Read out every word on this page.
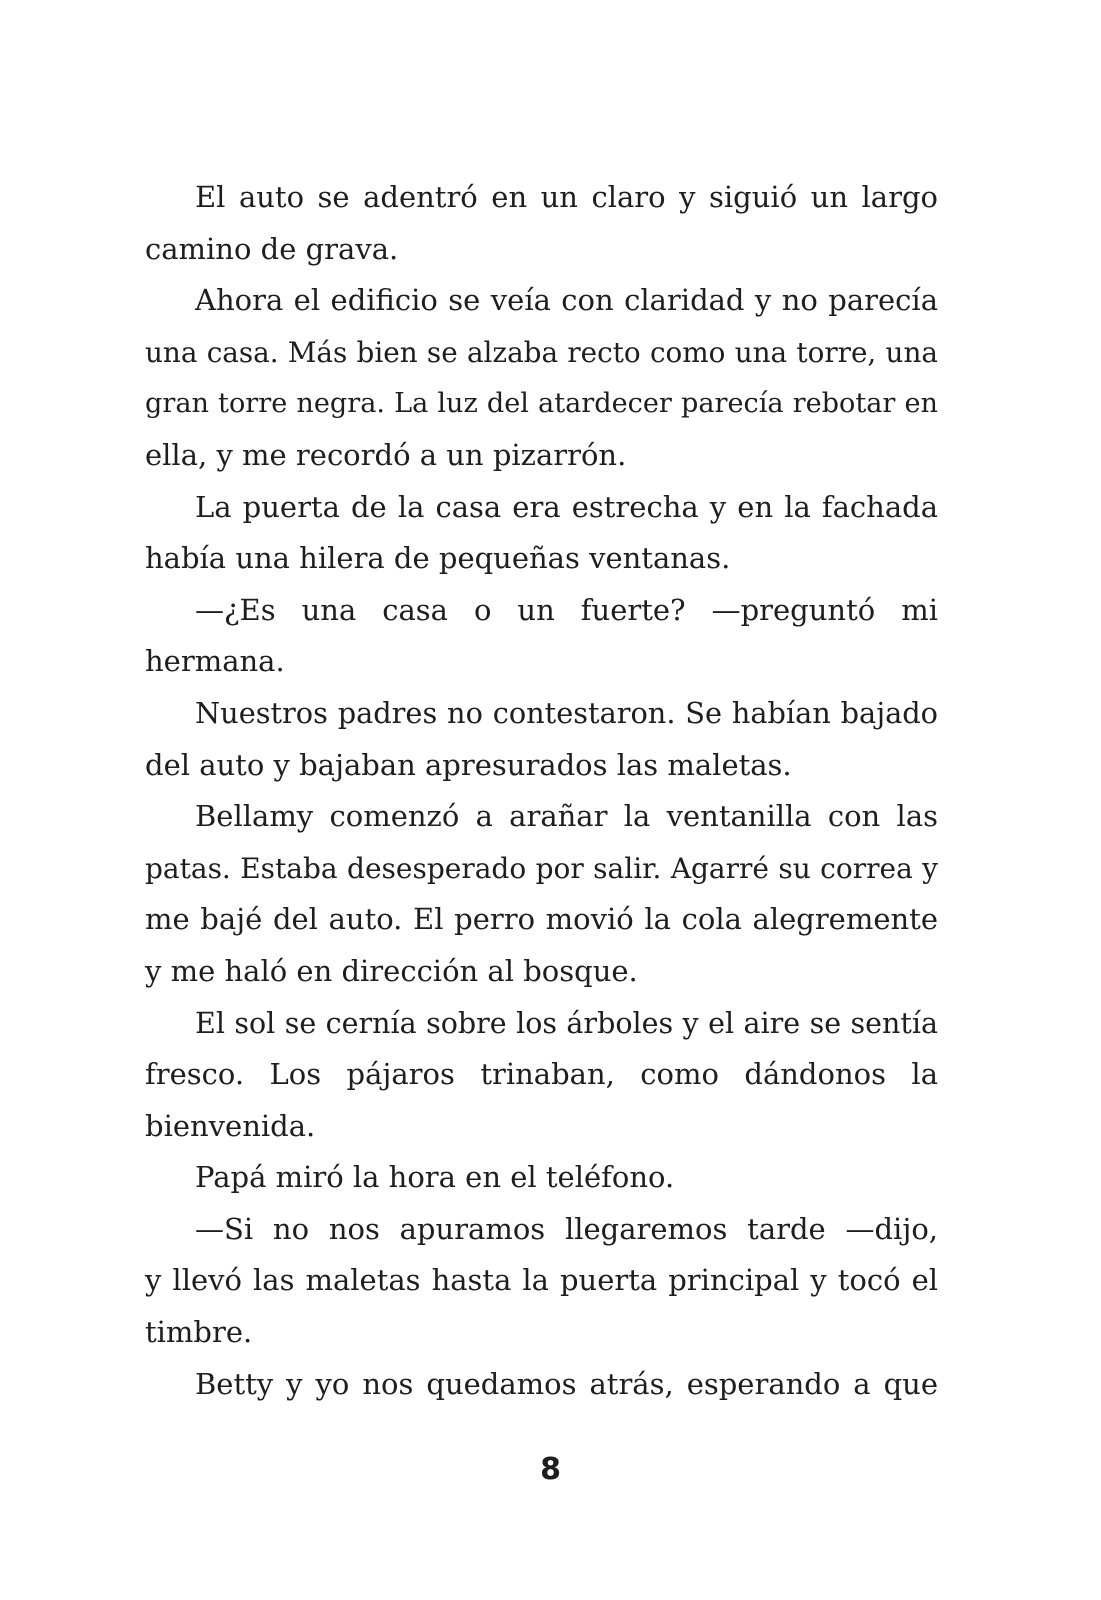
El auto se adentró en un claro y siguió un largo
camino de grava.
Ahora el edificio se veía con claridad y no parecía
una casa. Más bien se alzaba recto como una torre, una
gran torre negra. La luz del atardecer parecía rebotar en
ella, y me recordó a un pizarrón.
La puerta de la casa era estrecha y en la fachada
había una hilera de pequeñas ventanas.
—¿Es una casa o un fuerte? —preguntó mi
hermana.
Nuestros padres no contestaron. Se habían bajado
del auto y bajaban apresurados las maletas.
Bellamy comenzó a arañar la ventanilla con las
patas. Estaba desesperado por salir. Agarré su correa y
me bajé del auto. El perro movió la cola alegremente
y me haló en dirección al bosque.
El sol se cernía sobre los árboles y el aire se sentía
fresco. Los pájaros trinaban, como dándonos la
bienvenida.
Papá miró la hora en el teléfono.
—Si no nos apuramos llegaremos tarde —dijo,
y llevó las maletas hasta la puerta principal y tocó el
timbre.
Betty y yo nos quedamos atrás, esperando a que
8
